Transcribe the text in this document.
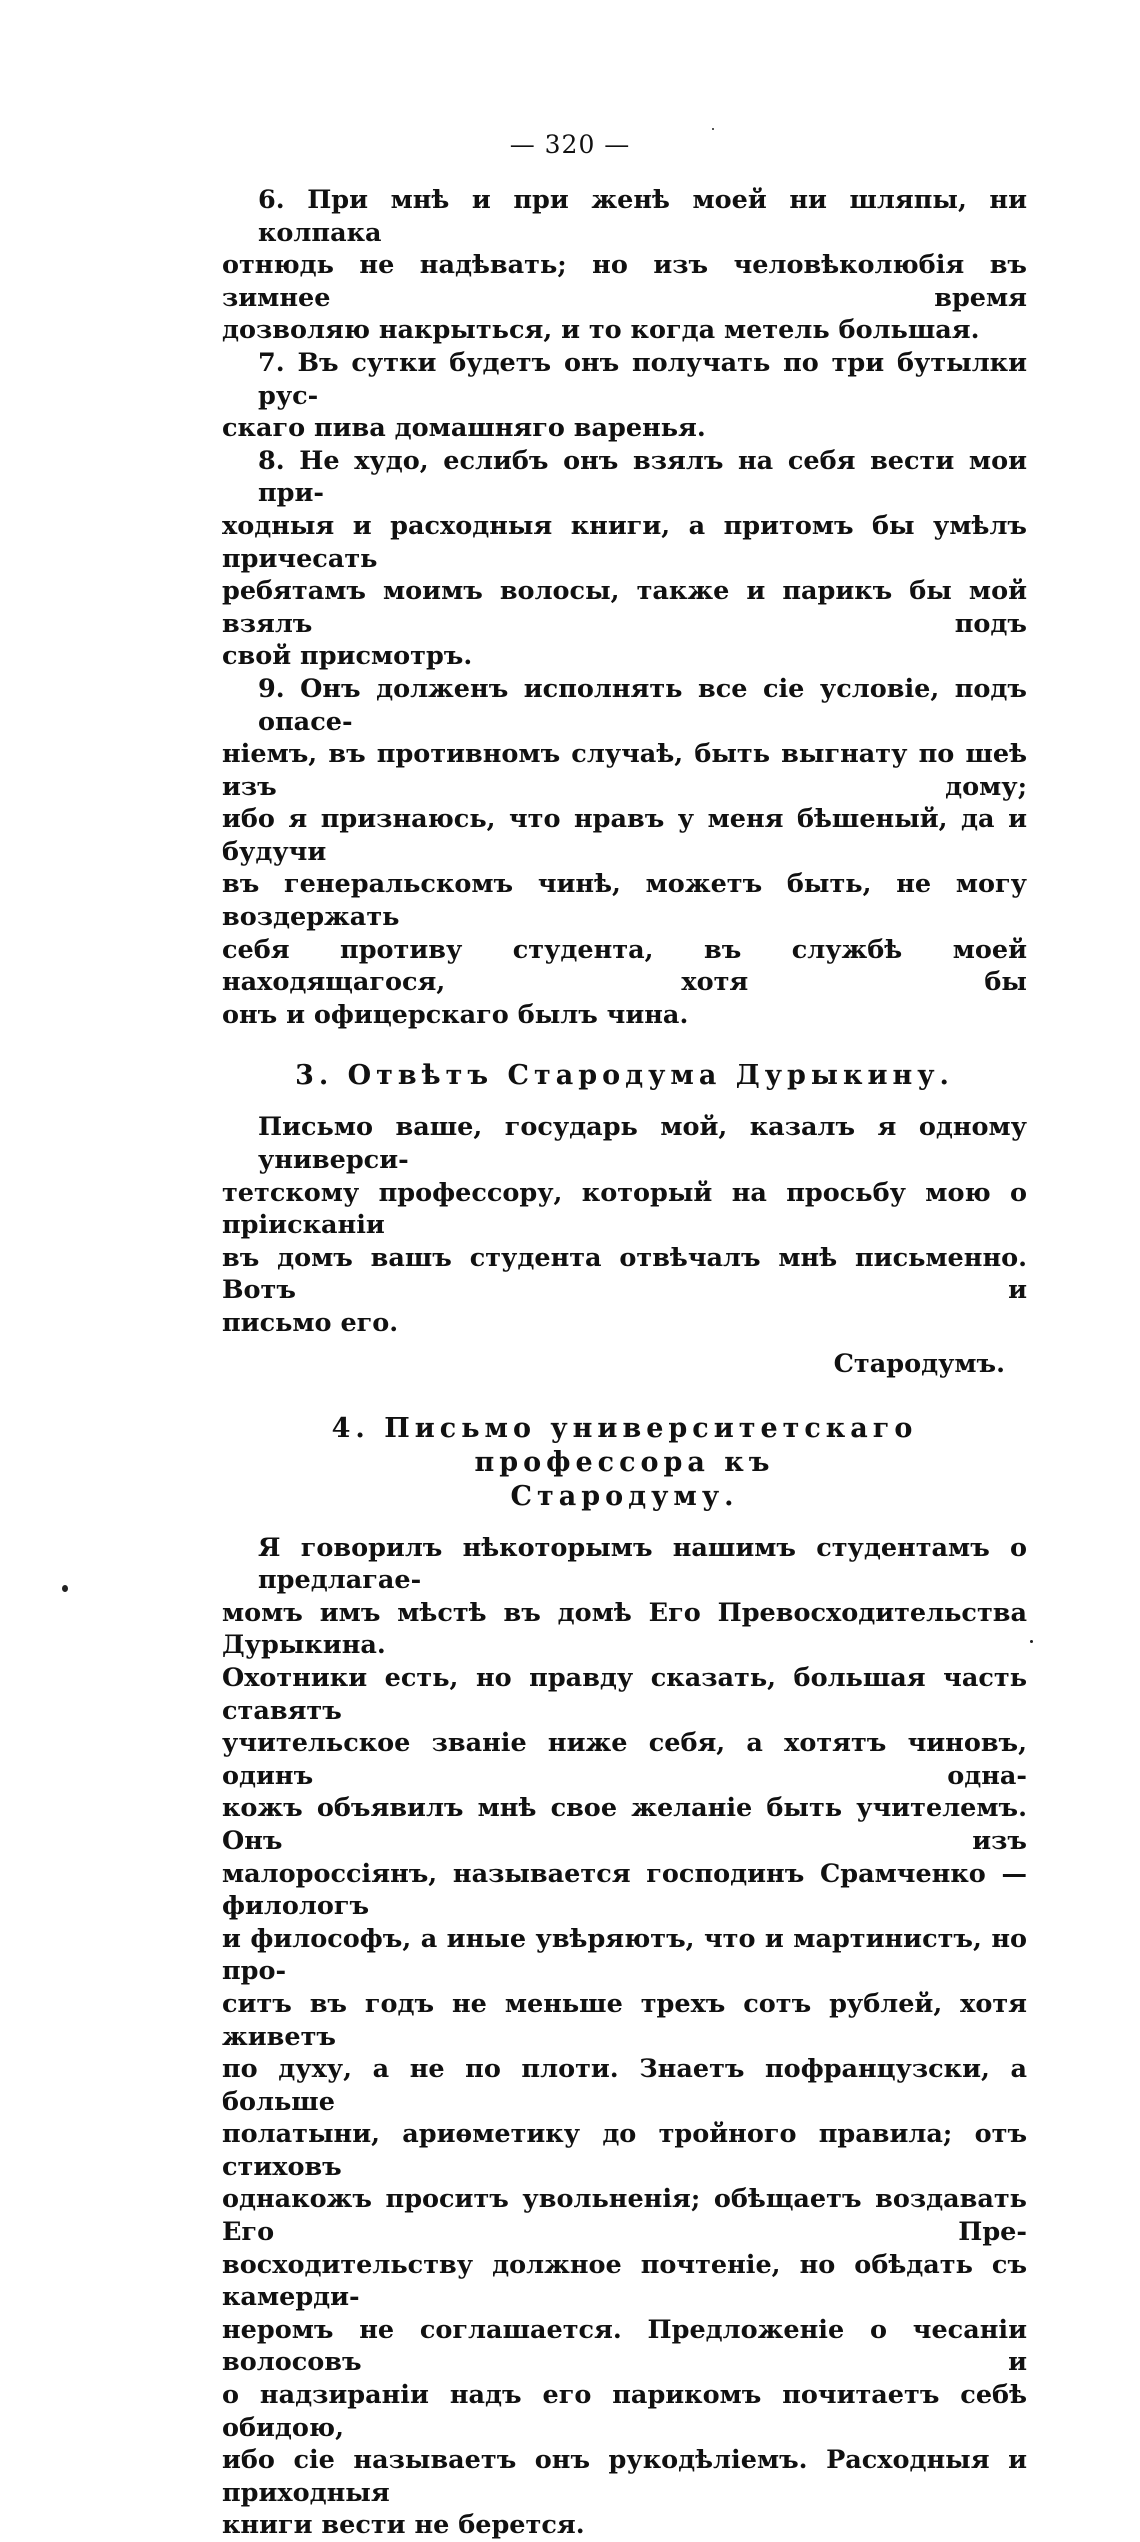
— 320 —

6. При мнѣ и при женѣ моей ни шляпы, ни колпака
отнюдь не надѣвать; но изъ человѣколюбія въ зимнее время
дозволяю накрыться, и то когда метель большая.

7. Въ сутки будетъ онъ получать по три бутылки рус-
скаго пива домашняго варенья.

8. Не худо, еслибъ онъ взялъ на себя вести мои при-
ходныя и расходныя книги, а притомъ бы умѣлъ причесать
ребятамъ моимъ волосы, также и парикъ бы мой взялъ подъ
свой присмотръ.

9. Онъ долженъ исполнять все сіе условіе, подъ опасе-
ніемъ, въ противномъ случаѣ, быть выгнату по шеѣ изъ дому;
ибо я признаюсь, что нравъ у меня бѣшеный, да и будучи
въ генеральскомъ чинѣ, можетъ быть, не могу воздержать
себя противу студента, въ службѣ моей находящагося, хотя бы
онъ и офицерскаго былъ чина.

3. Отвѣтъ Стародума Дурыкину.

Письмо ваше, государь мой, казалъ я одному универси-
тетскому профессору, который на просьбу мою о пріисканіи
въ домъ вашъ студента отвѣчалъ мнѣ письменно. Вотъ и
письмо его.

Стародумъ.

4. Письмо университетскаго профессора къ

Стародуму.

Я говорилъ нѣкоторымъ нашимъ студентамъ о предлагае-
момъ имъ мѣстѣ въ домѣ Его Превосходительства Дурыкина.
Охотники есть, но правду сказать, большая часть ставятъ
учительское званіе ниже себя, а хотятъ чиновъ, одинъ одна-
кожъ объявилъ мнѣ свое желаніе быть учителемъ. Онъ изъ
малороссіянъ, называется господинъ Срамченко — филологъ
и философъ, а иные увѣряютъ, что и мартинистъ, но про-
ситъ въ годъ не меньше трехъ сотъ рублей, хотя живетъ
по духу, а не по плоти. Знаетъ пофранцузски, а больше
полатыни, ариѳметику до тройного правила; отъ стиховъ
однакожъ проситъ увольненія; обѣщаетъ воздавать Его Пре-
восходительству должное почтеніе, но обѣдать съ камерди-
неромъ не соглашается. Предложеніе о чесаніи волосовъ и
о надзираніи надъ его парикомъ почитаетъ себѣ обидою,
ибо сіе называетъ онъ рукодѣліемъ. Расходныя и приходныя
книги вести не берется.
